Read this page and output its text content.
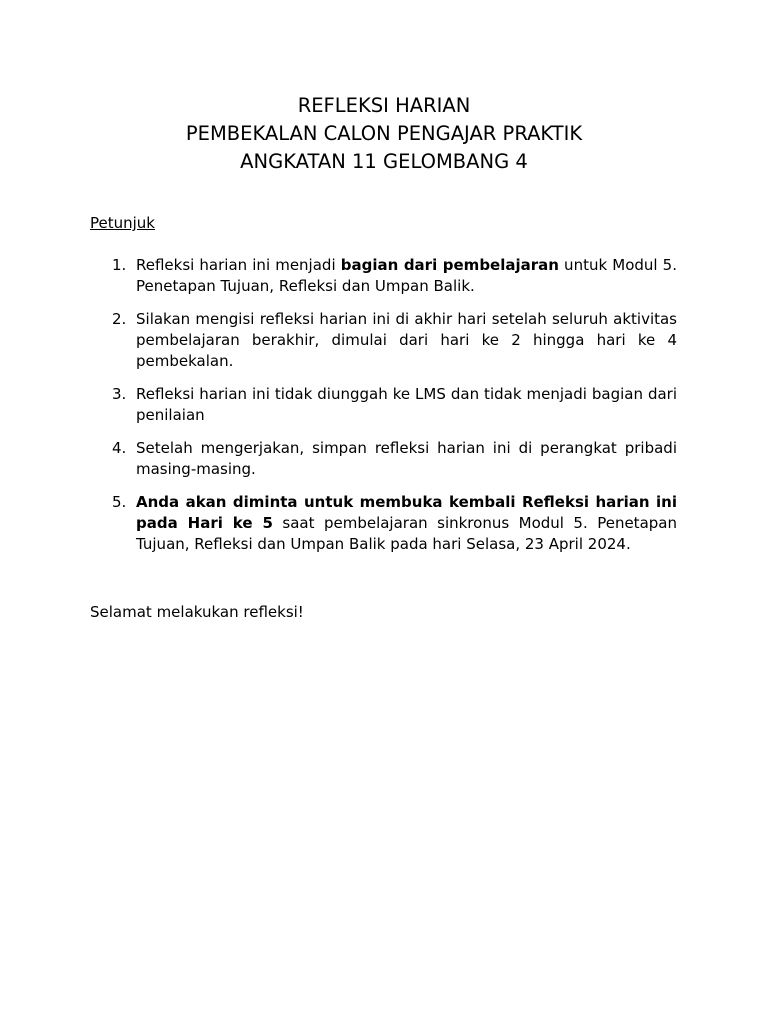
REFLEKSI HARIAN
PEMBEKALAN CALON PENGAJAR PRAKTIK
ANGKATAN 11 GELOMBANG 4
Petunjuk
1. Refleksi harian ini menjadi bagian dari pembelajaran untuk Modul 5. Penetapan Tujuan, Refleksi dan Umpan Balik.
2. Silakan mengisi refleksi harian ini di akhir hari setelah seluruh aktivitas pembelajaran berakhir, dimulai dari hari ke 2 hingga hari ke 4 pembekalan.
3. Refleksi harian ini tidak diunggah ke LMS dan tidak menjadi bagian dari penilaian
4. Setelah mengerjakan, simpan refleksi harian ini di perangkat pribadi masing-masing.
5. Anda akan diminta untuk membuka kembali Refleksi harian ini pada Hari ke 5 saat pembelajaran sinkronus Modul 5. Penetapan Tujuan, Refleksi dan Umpan Balik pada hari Selasa, 23 April 2024.
Selamat melakukan refleksi!
